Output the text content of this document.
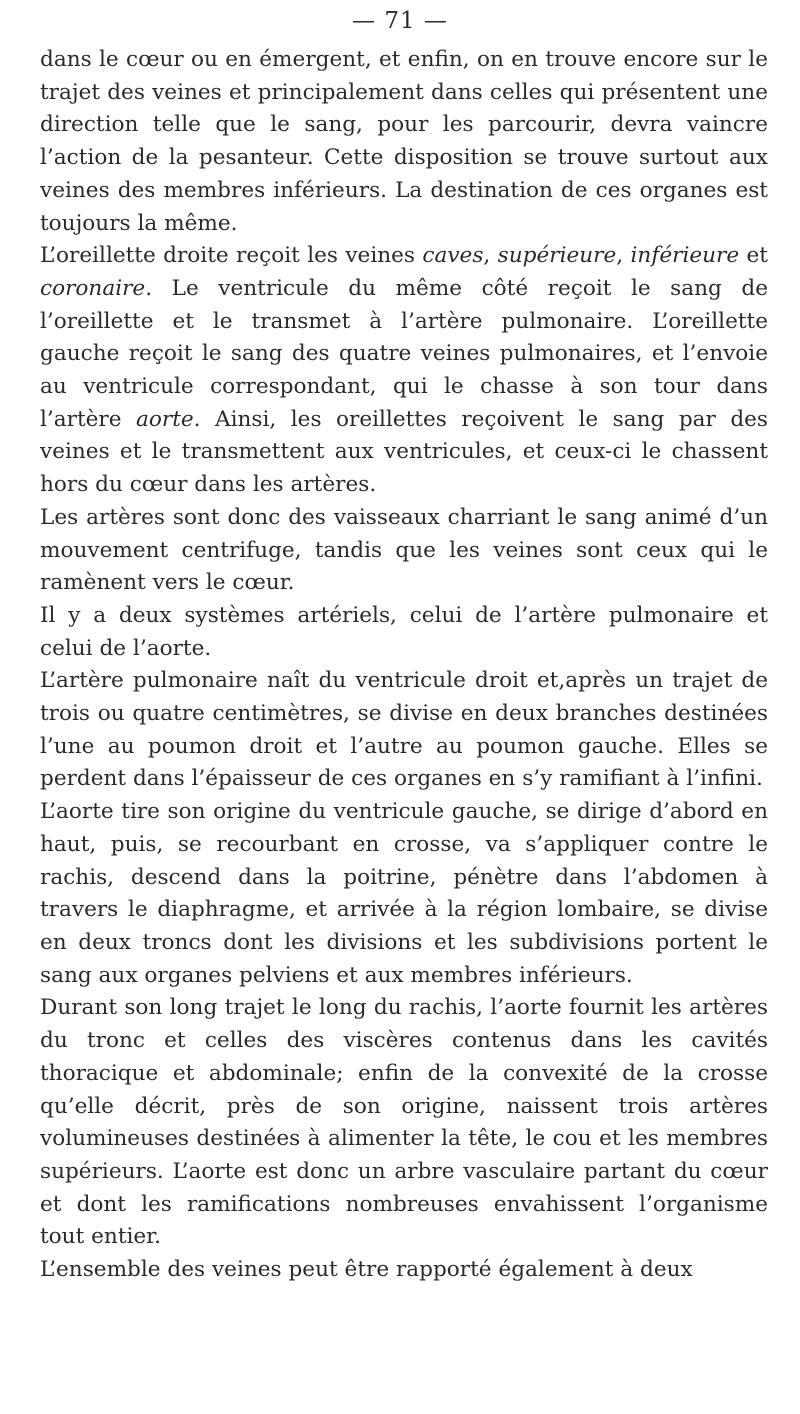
— 71 —

dans le cœur ou en émergent, et enfin, on en trouve encore sur le trajet des veines et principalement dans celles qui présentent une direction telle que le sang, pour les parcourir, devra vaincre l’action de la pesanteur. Cette disposition se trouve surtout aux veines des membres inférieurs. La destination de ces organes est toujours la même.

L’oreillette droite reçoit les veines caves, supérieure, inférieure et coronaire. Le ventricule du même côté reçoit le sang de l’oreillette et le transmet à l’artère pulmonaire. L’oreillette gauche reçoit le sang des quatre veines pulmonaires, et l’envoie au ventricule correspondant, qui le chasse à son tour dans l’artère aorte. Ainsi, les oreillettes reçoivent le sang par des veines et le transmettent aux ventricules, et ceux-ci le chassent hors du cœur dans les artères.

Les artères sont donc des vaisseaux charriant le sang animé d’un mouvement centrifuge, tandis que les veines sont ceux qui le ramènent vers le cœur.

Il y a deux systèmes artériels, celui de l’artère pulmonaire et celui de l’aorte.

L’artère pulmonaire naît du ventricule droit et,après un trajet de trois ou quatre centimètres, se divise en deux branches destinées l’une au poumon droit et l’autre au poumon gauche. Elles se perdent dans l’épaisseur de ces organes en s’y ramifiant à l’infini.

L’aorte tire son origine du ventricule gauche, se dirige d’abord en haut, puis, se recourbant en crosse, va s’appliquer contre le rachis, descend dans la poitrine, pénètre dans l’abdomen à travers le diaphragme, et arrivée à la région lombaire, se divise en deux troncs dont les divisions et les subdivisions portent le sang aux organes pelviens et aux membres inférieurs.

Durant son long trajet le long du rachis, l’aorte fournit les artères du tronc et celles des viscères contenus dans les cavités thoracique et abdominale; enfin de la convexité de la crosse qu’elle décrit, près de son origine, naissent trois artères volumineuses destinées à alimenter la tête, le cou et les membres supérieurs. L’aorte est donc un arbre vasculaire partant du cœur et dont les ramifications nombreuses envahissent l’organisme tout entier.

L’ensemble des veines peut être rapporté également à deux
